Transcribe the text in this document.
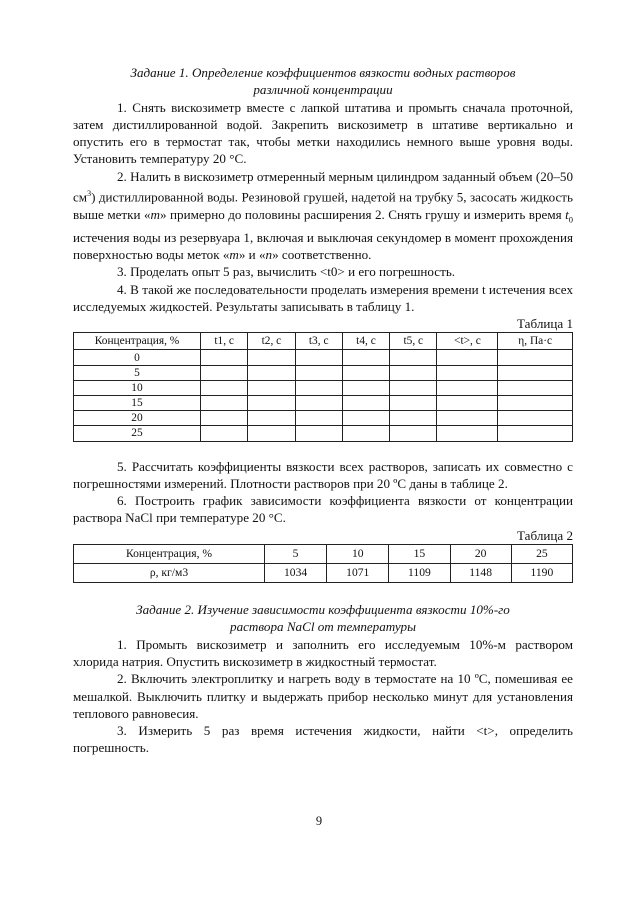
Задание 1. Определение коэффициентов вязкости водных растворов
различной концентрации

1. Снять вискозиметр вместе с лапкой штатива и промыть сначала проточной, затем дистиллированной водой. Закрепить вискозиметр в штативе вертикально и опустить его в термостат так, чтобы метки находились немного выше уровня воды. Установить температуру 20 °С.

2. Налить в вискозиметр отмеренный мерным цилиндром заданный объем (20–50 $см^3$) дистиллированной воды. Резиновой грушей, надетой на трубку 5, засосать жидкость выше метки «m» примерно до половины расширения 2. Снять грушу и измерить время $t_0$ истечения воды из резервуара 1, включая и выключая секундомер в момент прохождения поверхностью воды меток «m» и «n» соответственно.

3. Проделать опыт 5 раз, вычислить <t0> и его погрешность.

4. В такой же последовательности проделать измерения времени t истечения всех исследуемых жидкостей. Результаты записывать в таблицу 1.

Таблица 1

Концентрация, %	t1, с	t2, с	t3, с	t4, с	t5, с	<t>, с	η, Па·с
0							
5							
10							
15							
20							
25							

5. Рассчитать коэффициенты вязкости всех растворов, записать их совместно с погрешностями измерений. Плотности растворов при 20 ºС даны в таблице 2.

6. Построить график зависимости коэффициента вязкости от концентрации раствора NaCl при температуре 20 °С.

Таблица 2

Концентрация, %	5	10	15	20	25
ρ, кг/м3	1034	1071	1109	1148	1190

Задание 2. Изучение зависимости коэффициента вязкости 10%-го
раствора NaCl от температуры

1. Промыть вискозиметр и заполнить его исследуемым 10%-м раствором хлорида натрия. Опустить вискозиметр в жидкостный термостат.

2. Включить электроплитку и нагреть воду в термостате на 10 ºС, помешивая ее мешалкой. Выключить плитку и выдержать прибор несколько минут для установления теплового равновесия.

3. Измерить 5 раз время истечения жидкости, найти <t>, определить погрешность.

9
